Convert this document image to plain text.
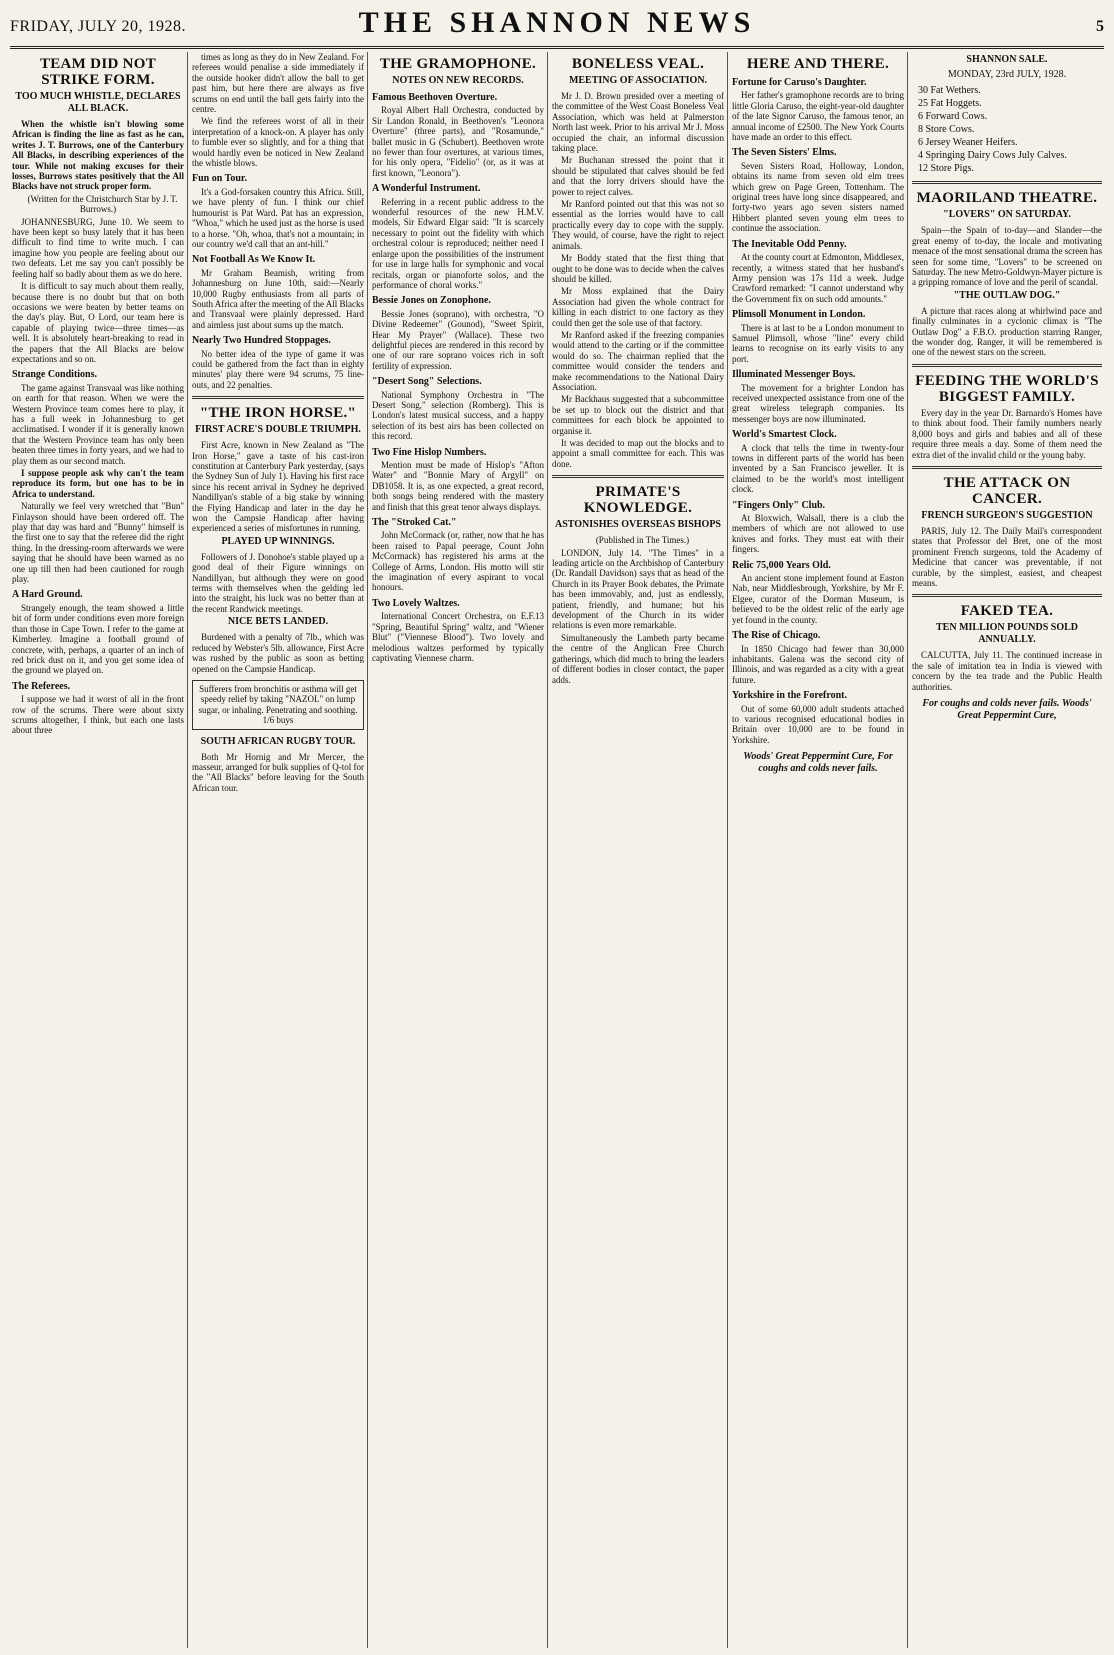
FRIDAY, JULY 20, 1928.	THE SHANNON NEWS	5
TEAM DID NOT STRIKE FORM.
TOO MUCH WHISTLE, DECLARES ALL BLACK.

When the whistle isn't blowing some African is finding the line as fast as he can, writes J. T. Burrows, one of the Canterbury All Blacks, in describing experiences of the tour. While not making excuses for their losses, Burrows states positively that the All Blacks have not struck proper form.

(Written for the Christchurch Star by J. T. Burrows.)

JOHANNESBURG, June 10. We seem to have been kept so busy lately that it has been difficult to find time to write much. I can imagine how you people are feeling about our two defeats. Let me say you can't possibly be feeling half so badly about them as we do here.

It is difficult to say much about them really, because there is no doubt but that on both occasions we were beaten by better teams on the day's play. But, O Lord, our team here is capable of playing twice—three times—as well. It is absolutely heart-breaking to read in the papers that the All Blacks are below expectations and so on.

Strange Conditions.

The game against Transvaal was like nothing on earth for that reason. When we were the Western Province team comes here to play, it has a full week in Johannesburg to get acclimatised. I wonder if it is generally known that the Western Province team has only been beaten three times in forty years, and we had to play them as our second match.

I suppose people ask why can't the team reproduce its form, but one has to be in Africa to understand.

Naturally we feel very wretched that "Bun" Finlayson should have been ordered off. The play that day was hard and "Bunny" himself is the first one to say that the referee did the right thing. In the dressing-room afterwards we were saying that he should have been warned as no one up till then had been cautioned for rough play.

A Hard Ground.

Strangely enough, the team showed a little bit of form under conditions even more foreign than those in Cape Town. I refer to the game at Kimberley. Imagine a football ground of concrete, with, perhaps, a quarter of an inch of red brick dust on it, and you get some idea of the ground we played on.

The Referees.

I suppose we had it worst of all in the front row of the scrums. There were about sixty scrums altogether, I think, but each one lasts about three

times as long as they do in New Zealand. For referees would penalise a side immediately if the outside hooker didn't allow the ball to get past him, but here there are always as five scrums on end until the ball gets fairly into the centre.

We find the referees worst of all in their interpretation of a knock-on. A player has only to fumble ever so slightly, and for a thing that would hardly even be noticed in New Zealand the whistle blows.

Fun on Tour.

It's a God-forsaken country this Africa. Still, we have plenty of fun. I think our chief humourist is Pat Ward. Pat has an expression, "Whoa," which he used just as the horse is used to a horse. "Oh, whoa, that's not a mountain; in our country we'd call that an ant-hill."

Not Football As We Know It.

Mr Graham Beamish, writing from Johannesburg on June 10th, said:—Nearly 10,000 Rugby enthusiasts from all parts of South Africa after the meeting of the All Blacks and Transvaal were plainly depressed. Hard and aimless just about sums up the match.

Nearly Two Hundred Stoppages.

No better idea of the type of game it was could be gathered from the fact than in eighty minutes' play there were 94 scrums, 75 line-outs, and 22 penalties.

"THE IRON HORSE."
FIRST ACRE'S DOUBLE TRIUMPH.

First Acre, known in New Zealand as "The Iron Horse," gave a taste of his cast-iron constitution at Canterbury Park yesterday, (says the Sydney Sun of July 1). Having his first race since his recent arrival in Sydney he deprived Nandillyan's stable of a big stake by winning the Flying Handicap and later in the day he won the Campsie Handicap after having experienced a series of misfortunes in running.

PLAYED UP WINNINGS.

Followers of J. Donohoe's stable played up a good deal of their Figure winnings on Nandillyan, but although they were on good terms with themselves when the gelding led into the straight, his luck was no better than at the recent Randwick meetings.

NICE BETS LANDED.

Burdened with a penalty of 7lb., which was reduced by Webster's 5lb. allowance, First Acre was rushed by the public as soon as betting opened on the Campsie Handicap.

Sufferers from bronchitis or asthma will get speedy relief by taking "NAZOL" on lump sugar, or inhaling. Penetrating and soothing. 1/6 buys
SOUTH AFRICAN RUGBY TOUR.

Both Mr Hornig and Mr Mercer, the masseur, arranged for bulk supplies of Q-tol for the "All Blacks" before leaving for the South African tour.

THE GRAMOPHONE.
NOTES ON NEW RECORDS.
Famous Beethoven Overture.

Royal Albert Hall Orchestra, conducted by Sir Landon Ronald, in Beethoven's "Leonora Overture" (three parts), and "Rosamunde," ballet music in G (Schubert). Beethoven wrote no fewer than four overtures, at various times, for his only opera, "Fidelio" (or, as it was at first known, "Leonora").

A Wonderful Instrument.

Referring in a recent public address to the wonderful resources of the new H.M.V. models, Sir Edward Elgar said: "It is scarcely necessary to point out the fidelity with which orchestral colour is reproduced; neither need I enlarge upon the possibilities of the instrument for use in large halls for symphonic and vocal recitals, organ or pianoforte solos, and the performance of choral works."

Bessie Jones on Zonophone.

Bessie Jones (soprano), with orchestra, "O Divine Redeemer" (Gounod), "Sweet Spirit, Hear My Prayer" (Wallace). These two delightful pieces are rendered in this record by one of our rare soprano voices rich in soft fertility of expression.

"Desert Song" Selections.

National Symphony Orchestra in "The Desert Song," selection (Romberg). This is London's latest musical success, and a happy selection of its best airs has been collected on this record.

Two Fine Hislop Numbers.

Mention must be made of Hislop's "Afton Water" and "Bonnie Mary of Argyll" on DB1058. It is, as one expected, a great record, both songs being rendered with the mastery and finish that this great tenor always displays.

The "Stroked Cat."

John McCormack (or, rather, now that he has been raised to Papal peerage, Count John McCormack) has registered his arms at the College of Arms, London. His motto will stir the imagination of every aspirant to vocal honours.

Two Lovely Waltzes.

International Concert Orchestra, on E.F.13 "Spring, Beautiful Spring" waltz, and "Wiener Blut" ("Viennese Blood"). Two lovely and melodious waltzes performed by typically captivating Viennese charm.

BONELESS VEAL.
MEETING OF ASSOCIATION.

Mr J. D. Brown presided over a meeting of the committee of the West Coast Boneless Veal Association, which was held at Palmerston North last week. Prior to his arrival Mr J. Moss occupied the chair, an informal discussion taking place.

Mr Buchanan stressed the point that it should be stipulated that calves should be fed and that the lorry drivers should have the power to reject calves.

Mr Ranford pointed out that this was not so essential as the lorries would have to call practically every day to cope with the supply. They would, of course, have the right to reject animals.

Mr Boddy stated that the first thing that ought to be done was to decide when the calves should be killed.

Mr Moss explained that the Dairy Association had given the whole contract for killing in each district to one factory as they could then get the sole use of that factory.

Mr Ranford asked if the freezing companies would attend to the carting or if the committee would do so. The chairman replied that the committee would consider the tenders and make recommendations to the National Dairy Association.

Mr Backhaus suggested that a subcommittee be set up to block out the district and that committees for each block be appointed to organise it.

It was decided to map out the blocks and to appoint a small committee for each. This was done.

PRIMATE'S KNOWLEDGE.
ASTONISHES OVERSEAS BISHOPS

(Published in The Times.)

LONDON, July 14. "The Times" in a leading article on the Archbishop of Canterbury (Dr. Randall Davidson) says that as head of the Church in its Prayer Book debates, the Primate has been immovably, and, just as endlessly, patient, friendly, and humane; but his development of the Church in its wider relations is even more remarkable.

Simultaneously the Lambeth party became the centre of the Anglican Free Church gatherings, which did much to bring the leaders of different bodies in closer contact, the paper adds.

HERE AND THERE.
Fortune for Caruso's Daughter.

Her father's gramophone records are to bring little Gloria Caruso, the eight-year-old daughter of the late Signor Caruso, the famous tenor, an annual income of £2500. The New York Courts have made an order to this effect.

The Seven Sisters' Elms.

Seven Sisters Road, Holloway, London, obtains its name from seven old elm trees which grew on Page Green, Tottenham. The original trees have long since disappeared, and forty-two years ago seven sisters named Hibbert planted seven young elm trees to continue the association.

The Inevitable Odd Penny.

At the county court at Edmonton, Middlesex, recently, a witness stated that her husband's Army pension was 17s 11d a week. Judge Crawford remarked: "I cannot understand why the Government fix on such odd amounts."

Plimsoll Monument in London.

There is at last to be a London monument to Samuel Plimsoll, whose "line" every child learns to recognise on its early visits to any port.

Illuminated Messenger Boys.

The movement for a brighter London has received unexpected assistance from one of the great wireless telegraph companies. Its messenger boys are now illuminated.

World's Smartest Clock.

A clock that tells the time in twenty-four towns in different parts of the world has been invented by a San Francisco jeweller. It is claimed to be the world's most intelligent clock.

"Fingers Only" Club.

At Bloxwich, Walsall, there is a club the members of which are not allowed to use knives and forks. They must eat with their fingers.

Relic 75,000 Years Old.

An ancient stone implement found at Easton Nab, near Middlesbrough, Yorkshire, by Mr F. Elgee, curator of the Dorman Museum, is believed to be the oldest relic of the early age yet found in the county.

The Rise of Chicago.

In 1850 Chicago had fewer than 30,000 inhabitants. Galena was the second city of Illinois, and was regarded as a city with a great future.

Yorkshire in the Forefront.

Out of some 60,000 adult students attached to various recognised educational bodies in Britain over 10,000 are to be found in Yorkshire.

Woods' Great Peppermint Cure, For coughs and colds never fails.
SHANNON SALE.
MONDAY, 23rd JULY, 1928.
30 Fat Wethers.
25 Fat Hoggets.
6 Forward Cows.
8 Store Cows.
6 Jersey Weaner Heifers.
4 Springing Dairy Cows July Calves.
12 Store Pigs.
MAORILAND THEATRE.
"LOVERS" ON SATURDAY.

Spain—the Spain of to-day—and Slander—the great enemy of to-day, the locale and motivating menace of the most sensational drama the screen has seen for some time, "Lovers" to be screened on Saturday. The new Metro-Goldwyn-Mayer picture is a gripping romance of love and the peril of scandal.

"THE OUTLAW DOG."

A picture that races along at whirlwind pace and finally culminates in a cyclonic climax is "The Outlaw Dog" a F.B.O. production starring Ranger, the wonder dog. Ranger, it will be remembered is one of the newest stars on the screen.

FEEDING THE WORLD'S BIGGEST FAMILY.

Every day in the year Dr. Barnardo's Homes have to think about food. Their family numbers nearly 8,000 boys and girls and babies and all of these require three meals a day. Some of them need the extra diet of the invalid child or the young baby.

THE ATTACK ON CANCER.
FRENCH SURGEON'S SUGGESTION

PARIS, July 12. The Daily Mail's correspondent states that Professor del Bret, one of the most prominent French surgeons, told the Academy of Medicine that cancer was preventable, if not curable, by the simplest, easiest, and cheapest means.

FAKED TEA.
TEN MILLION POUNDS SOLD ANNUALLY.

CALCUTTA, July 11. The continued increase in the sale of imitation tea in India is viewed with concern by the tea trade and the Public Health authorities.

For coughs and colds never fails. Woods' Great Peppermint Cure,
